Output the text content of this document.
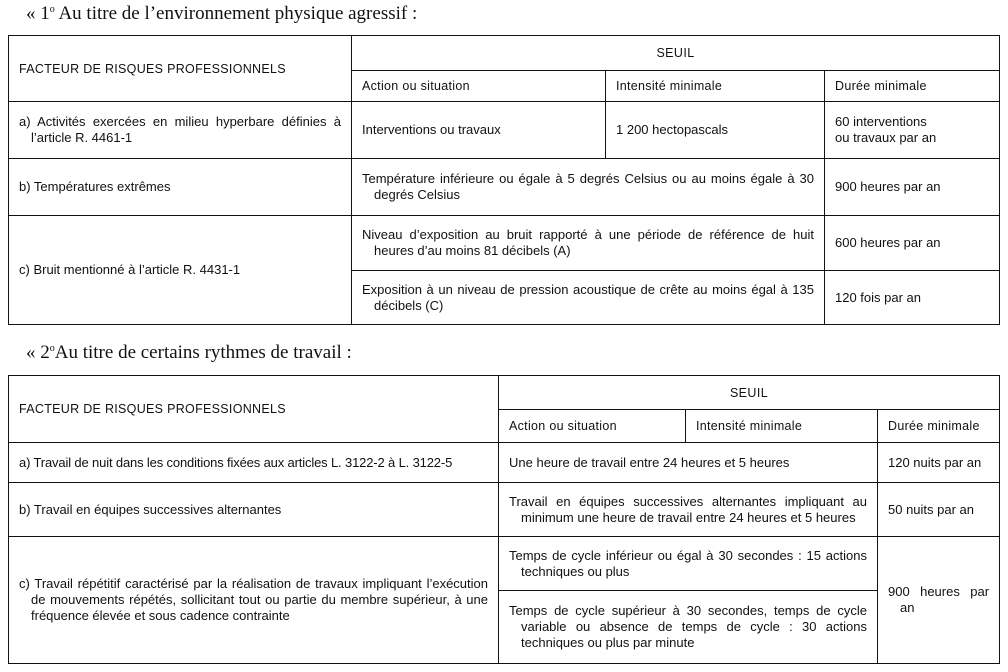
« 1$^o$ Au titre de l’environnement physique agressif :
FACTEUR DE RISQUES PROFESSIONNELS	SEUIL		
	Action ou situation	Intensité minimale	Durée minimale
a) Activités exercées en milieu hyperbare définies à l’article R. 4461-1	Interventions ou travaux	1 200 hectopascals	60 interventions
ou travaux par an
b) Températures extrêmes	Température inférieure ou égale à 5 degrés Celsius ou au moins égale à 30 degrés Celsius		900 heures par an
c) Bruit mentionné à l’article R. 4431-1	Niveau d’exposition au bruit rapporté à une période de référence de huit heures d’au moins 81 décibels (A)		600 heures par an
	Exposition à un niveau de pression acoustique de crête au moins égal à 135 décibels (C)		120 fois par an
« 2$^o$Au titre de certains rythmes de travail :
FACTEUR DE RISQUES PROFESSIONNELS	SEUIL		
	Action ou situation	Intensité minimale	Durée minimale
a) Travail de nuit dans les conditions fixées aux articles L. 3122-2 à L. 3122-5	Une heure de travail entre 24 heures et 5 heures		120 nuits par an
b) Travail en équipes successives alternantes	Travail en équipes successives alternantes impliquant au minimum une heure de travail entre 24 heures et 5 heures		50 nuits par an
c) Travail répétitif caractérisé par la réalisation de travaux impliquant l’exécution de mouvements répétés, sollicitant tout ou partie du membre supérieur, à une fréquence élevée et sous cadence contrainte	Temps de cycle inférieur ou égal à 30 secondes : 15 actions techniques ou plus		900 heures par an
	Temps de cycle supérieur à 30 secondes, temps de cycle variable ou absence de temps de cycle : 30 actions techniques ou plus par minute		
